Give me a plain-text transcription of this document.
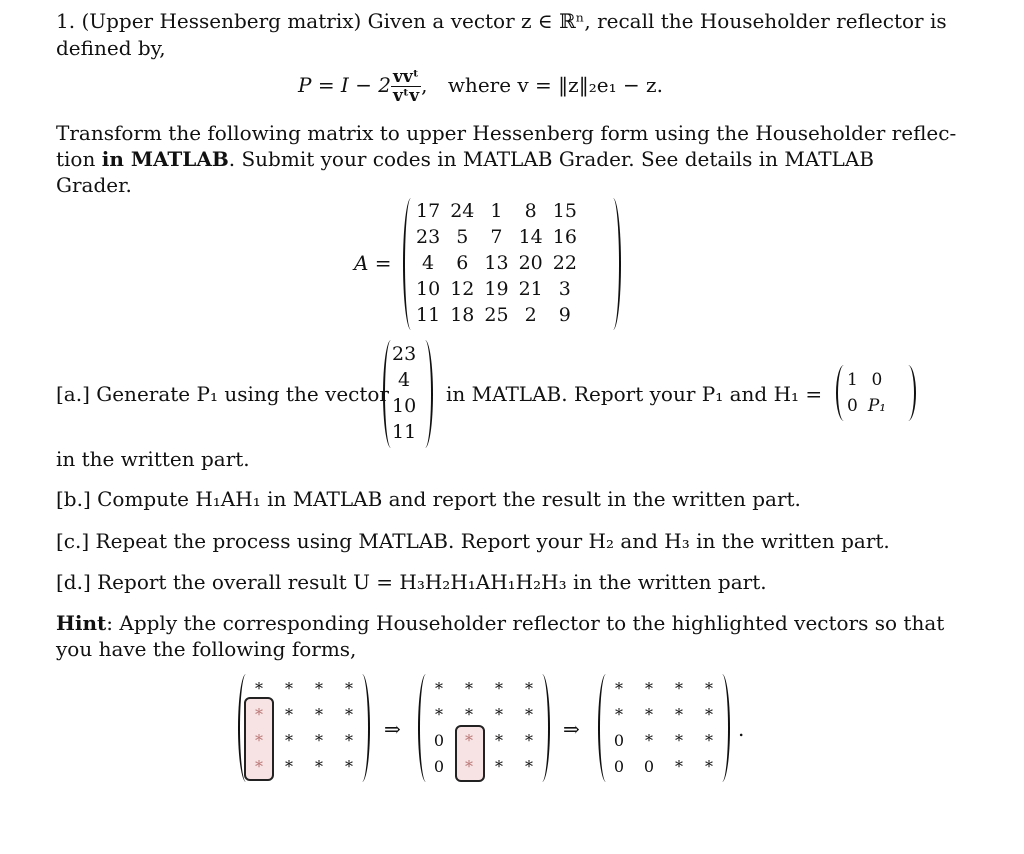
1. (Upper Hessenberg matrix) Given a vector z ∈ ℝⁿ, recall the Householder reflector is
defined by,
$P = I - 2 \frac{\text{vvᵗ}}{\text{vᵗv}}$ , where v = ‖z‖₂e₁ − z.
Transform the following matrix to upper Hessenberg form using the Householder reflec-
tion in MATLAB. Submit your codes in MATLAB Grader. See details in MATLAB
Grader.
A =
17	24	1	8	15
23	5	7	14	16
4	6	13	20	22
10	12	19	21	3
11	18	25	2	9
[a.] Generate P₁ using the vector
23
4
10
11
in MATLAB. Report your P₁ and H₁ =
1	0
0	P₁
in the written part.
[b.] Compute H₁AH₁ in MATLAB and report the result in the written part.
[c.] Repeat the process using MATLAB. Report your H₂ and H₃ in the written part.
[d.] Report the overall result U = H₃H₂H₁AH₁H₂H₃ in the written part.
Hint: Apply the corresponding Householder reflector to the highlighted vectors so that
you have the following forms,
*	*	*	*
*	*	*	*
*	*	*	*
*	*	*	*
⇒
*	*	*	*
*	*	*	*
0	*	*	*
0	*	*	*
⇒
*	*	*	*
*	*	*	*
0	*	*	*
0	0	*	*
.
